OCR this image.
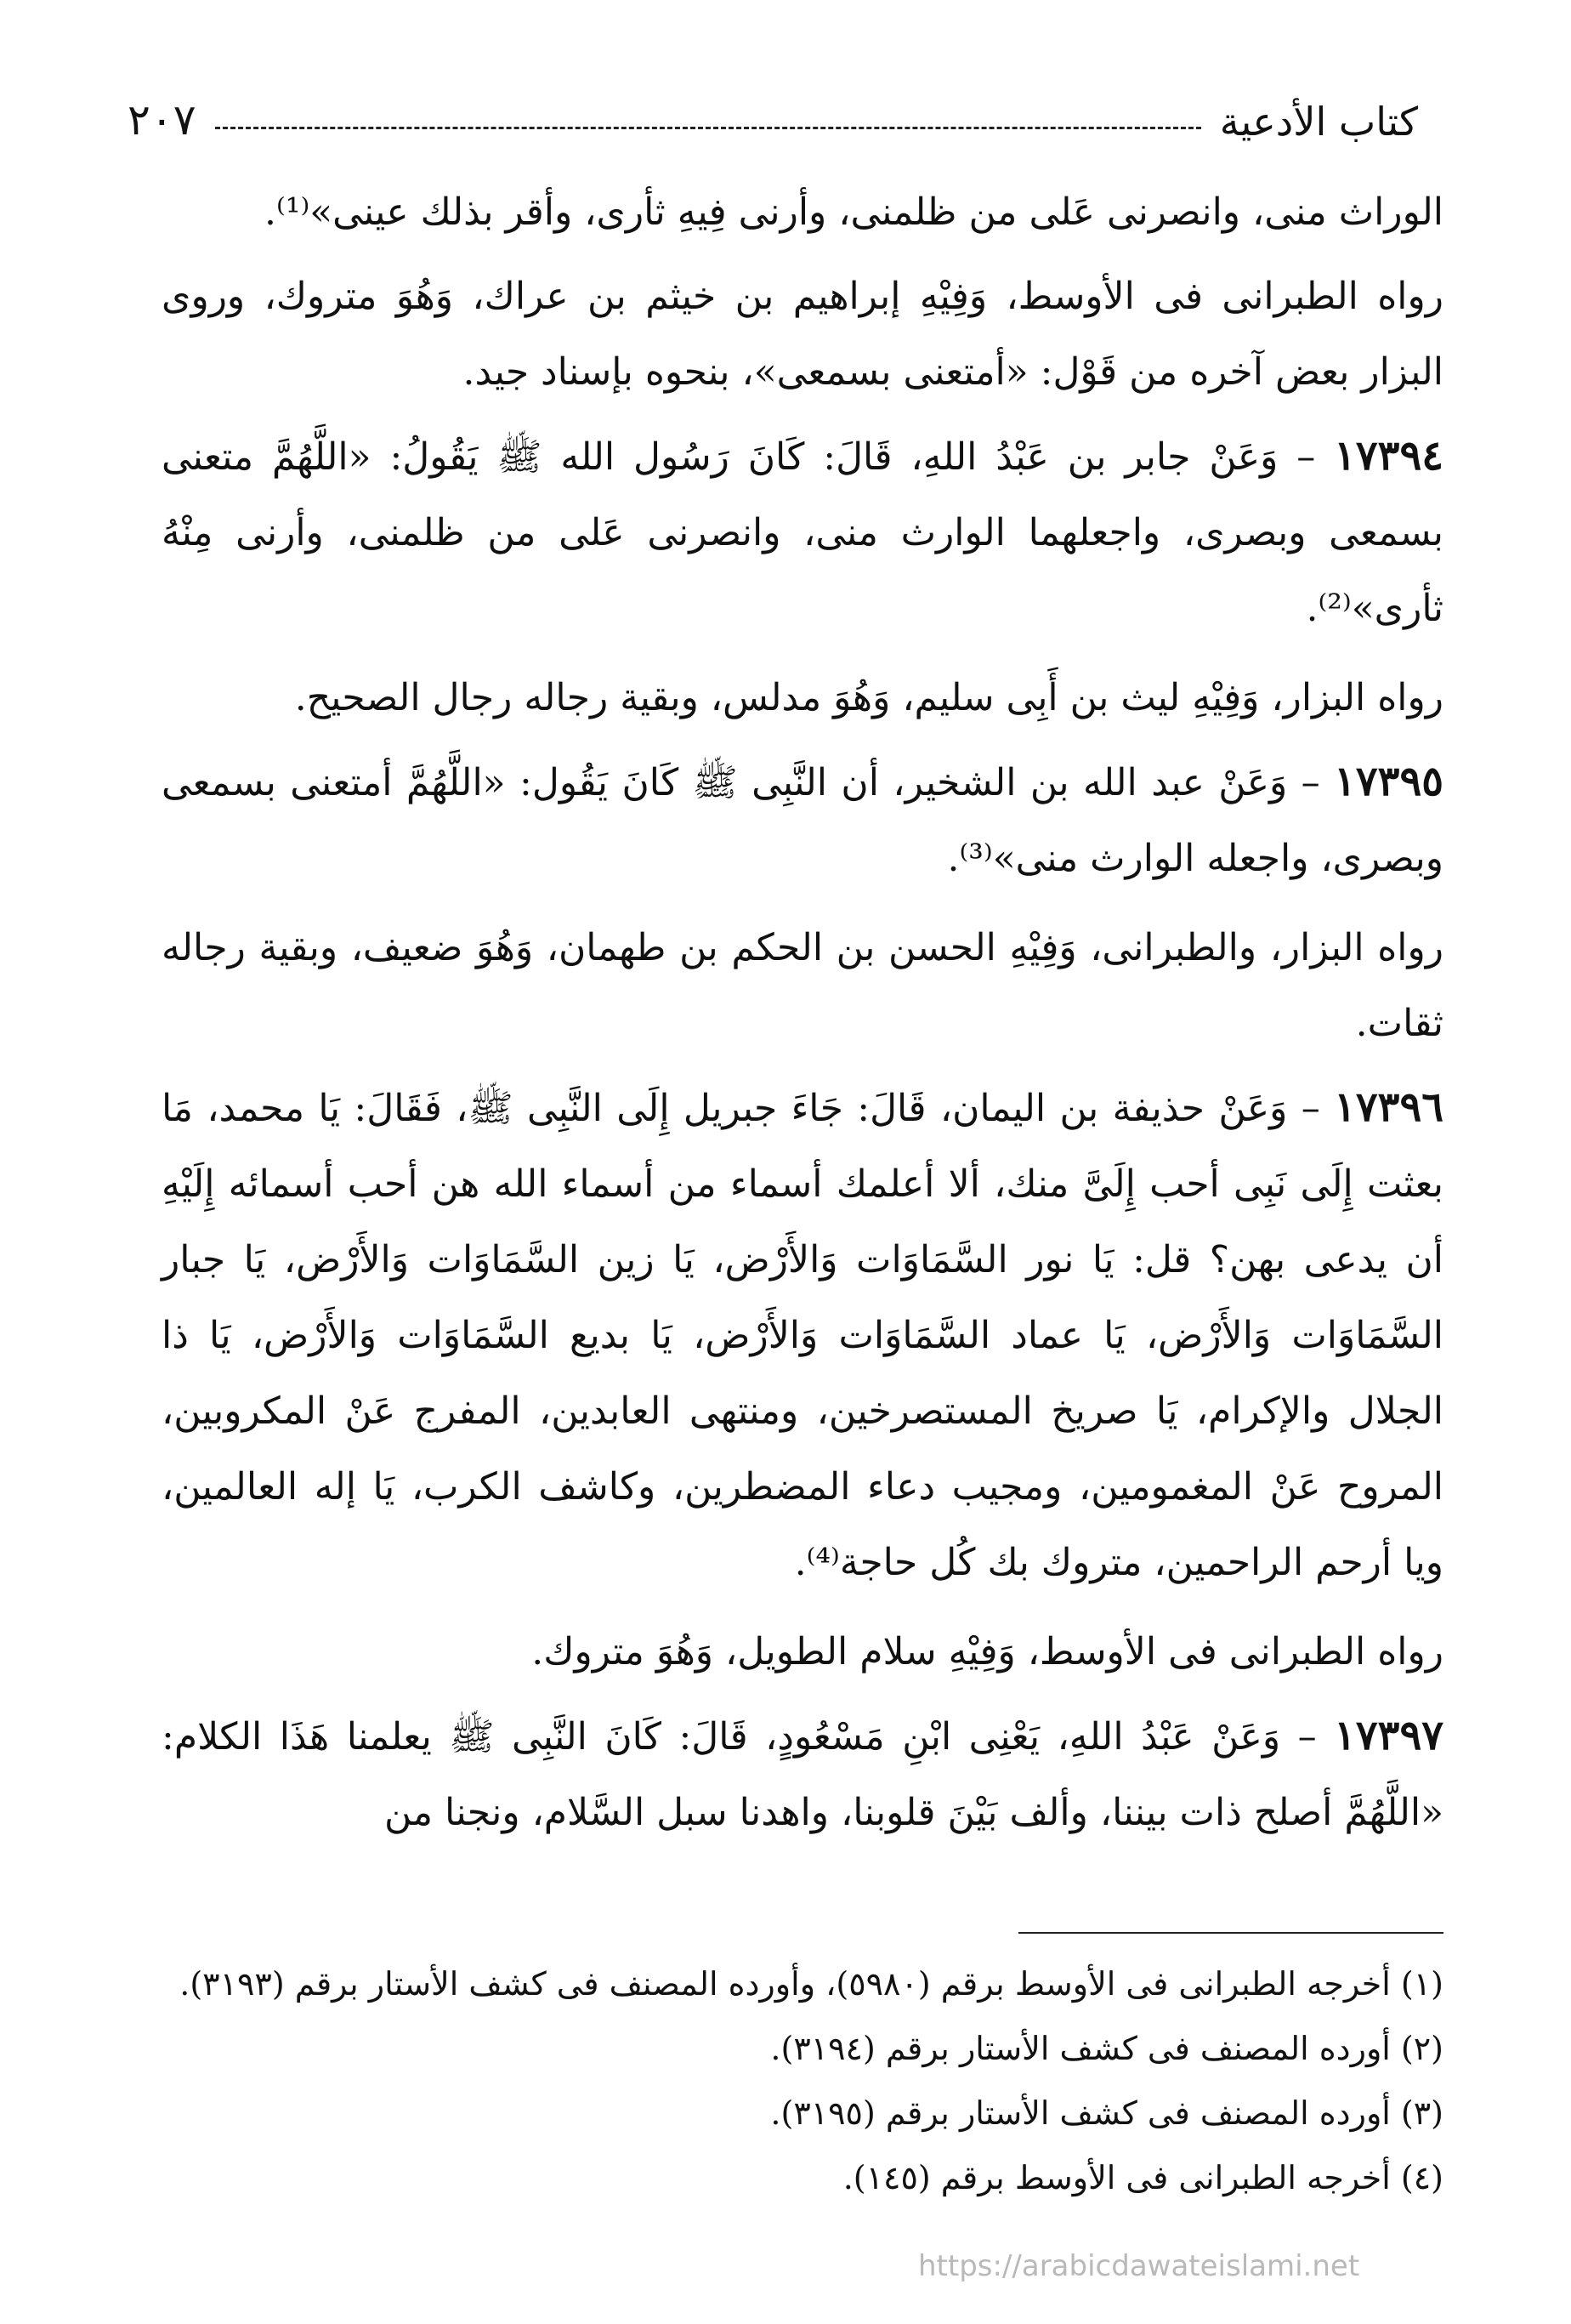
كتاب الأدعية
٢٠٧

الوراث منى، وانصرنى عَلى من ظلمنى، وأرنى فِيهِ ثأرى، وأقر بذلك عينى»⁽¹⁾.

رواه الطبرانى فى الأوسط، وَفِيْهِ إبراهيم بن خيثم بن عراك، وَهُوَ متروك، وروى البزار بعض آخره من قَوْل: «أمتعنى بسمعى»، بنحوه بإسناد جيد.

١٧٣٩٤ – وَعَنْ جابر بن عَبْدُ اللهِ، قَالَ: كَانَ رَسُول الله ﷺ يَقُولُ: «اللَّهُمَّ متعنى بسمعى وبصرى، واجعلهما الوارث منى، وانصرنى عَلى من ظلمنى، وأرنى مِنْهُ ثأرى»⁽²⁾.

رواه البزار، وَفِيْهِ ليث بن أَبِى سليم، وَهُوَ مدلس، وبقية رجاله رجال الصحيح.

١٧٣٩٥ – وَعَنْ عبد الله بن الشخير، أن النَّبِى ﷺ كَانَ يَقُول: «اللَّهُمَّ أمتعنى بسمعى وبصرى، واجعله الوارث منى»⁽³⁾.

رواه البزار، والطبرانى، وَفِيْهِ الحسن بن الحكم بن طهمان، وَهُوَ ضعيف، وبقية رجاله ثقات.

١٧٣٩٦ – وَعَنْ حذيفة بن اليمان، قَالَ: جَاءَ جبريل إِلَى النَّبِى ﷺ، فَقَالَ: يَا محمد، مَا بعثت إِلَى نَبِى أحب إِلَىَّ منك، ألا أعلمك أسماء من أسماء الله هن أحب أسمائه إِلَيْهِ أن يدعى بهن؟ قل: يَا نور السَّمَاوَات وَالأَرْض، يَا زين السَّمَاوَات وَالأَرْض، يَا جبار السَّمَاوَات وَالأَرْض، يَا عماد السَّمَاوَات وَالأَرْض، يَا بديع السَّمَاوَات وَالأَرْض، يَا ذا الجلال والإكرام، يَا صريخ المستصرخين، ومنتهى العابدين، المفرج عَنْ المكروبين، المروح عَنْ المغمومين، ومجيب دعاء المضطرين، وكاشف الكرب، يَا إله العالمين، ويا أرحم الراحمين، متروك بك كُل حاجة⁽⁴⁾.

رواه الطبرانى فى الأوسط، وَفِيْهِ سلام الطويل، وَهُوَ متروك.

١٧٣٩٧ – وَعَنْ عَبْدُ اللهِ، يَعْنِى ابْنِ مَسْعُودٍ، قَالَ: كَانَ النَّبِى ﷺ يعلمنا هَذَا الكلام: «اللَّهُمَّ أصلح ذات بيننا، وألف بَيْنَ قلوبنا، واهدنا سبل السَّلام، ونجنا من

(١) أخرجه الطبرانى فى الأوسط برقم (٥٩٨٠)، وأورده المصنف فى كشف الأستار برقم (٣١٩٣).

(٢) أورده المصنف فى كشف الأستار برقم (٣١٩٤).

(٣) أورده المصنف فى كشف الأستار برقم (٣١٩٥).

(٤) أخرجه الطبرانى فى الأوسط برقم (١٤٥).

https://arabicdawateislami.net
